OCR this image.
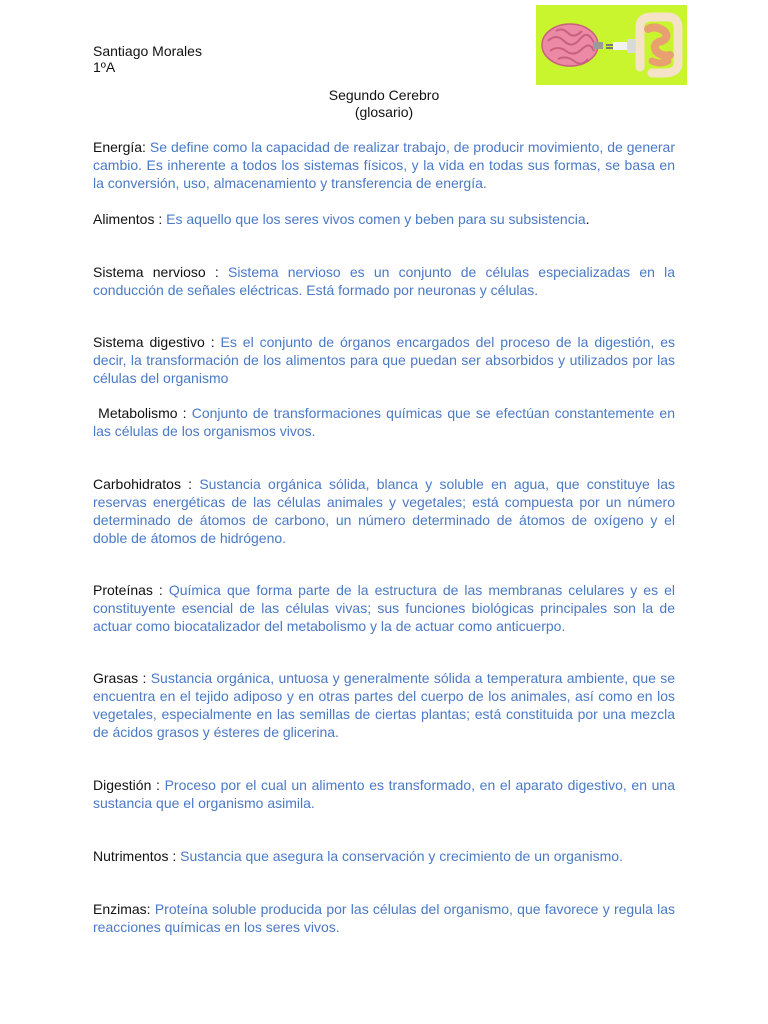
Santiago Morales
1ºA
Segundo Cerebro
(glosario)
Energía: Se define como la capacidad de realizar trabajo, de producir movimiento, de generar cambio. Es inherente a todos los sistemas físicos, y la vida en todas sus formas, se basa en la conversión, uso, almacenamiento y transferencia de energía.
Alimentos : Es aquello que los seres vivos comen y beben para su subsistencia.
Sistema nervioso : Sistema nervioso es un conjunto de células especializadas en la conducción de señales eléctricas. Está formado por neuronas y células.
Sistema digestivo : Es el conjunto de órganos encargados del proceso de la digestión, es decir, la transformación de los alimentos para que puedan ser absorbidos y utilizados por las células del organismo
Metabolismo : Conjunto de transformaciones químicas que se efectúan constantemente en las células de los organismos vivos.
Carbohidratos : Sustancia orgánica sólida, blanca y soluble en agua, que constituye las reservas energéticas de las células animales y vegetales; está compuesta por un número determinado de átomos de carbono, un número determinado de átomos de oxígeno y el doble de átomos de hidrógeno.
Proteínas : Química que forma parte de la estructura de las membranas celulares y es el constituyente esencial de las células vivas; sus funciones biológicas principales son la de actuar como biocatalizador del metabolismo y la de actuar como anticuerpo.
Grasas : Sustancia orgánica, untuosa y generalmente sólida a temperatura ambiente, que se encuentra en el tejido adiposo y en otras partes del cuerpo de los animales, así como en los vegetales, especialmente en las semillas de ciertas plantas; está constituida por una mezcla de ácidos grasos y ésteres de glicerina.
Digestión : Proceso por el cual un alimento es transformado, en el aparato digestivo, en una sustancia que el organismo asimila.
Nutrimentos : Sustancia que asegura la conservación y crecimiento de un organismo.
Enzimas: Proteína soluble producida por las células del organismo, que favorece y regula las reacciones químicas en los seres vivos.
